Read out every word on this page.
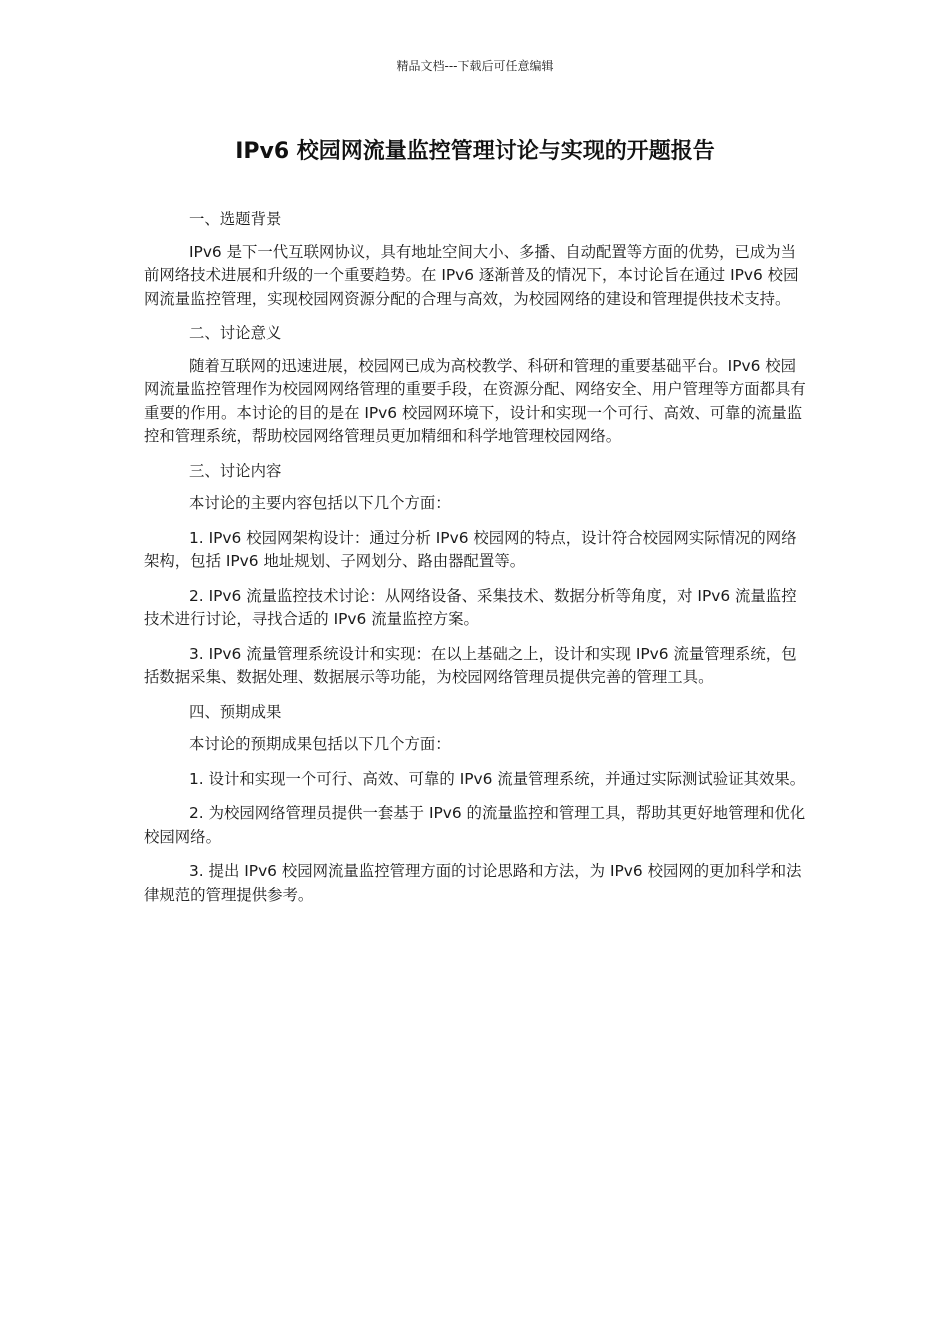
精品文档---下载后可任意编辑
IPv6 校园网流量监控管理讨论与实现的开题报告

一、选题背景

IPv6 是下一代互联网协议，具有地址空间大小、多播、自动配置等方面的优势，已成为当前网络技术进展和升级的一个重要趋势。在 IPv6 逐渐普及的情况下，本讨论旨在通过 IPv6 校园网流量监控管理，实现校园网资源分配的合理与高效，为校园网络的建设和管理提供技术支持。

二、讨论意义

随着互联网的迅速进展，校园网已成为高校教学、科研和管理的重要基础平台。IPv6 校园网流量监控管理作为校园网网络管理的重要手段，在资源分配、网络安全、用户管理等方面都具有重要的作用。本讨论的目的是在 IPv6 校园网环境下，设计和实现一个可行、高效、可靠的流量监控和管理系统，帮助校园网络管理员更加精细和科学地管理校园网络。

三、讨论内容

本讨论的主要内容包括以下几个方面：

1. IPv6 校园网架构设计：通过分析 IPv6 校园网的特点，设计符合校园网实际情况的网络架构，包括 IPv6 地址规划、子网划分、路由器配置等。

2. IPv6 流量监控技术讨论：从网络设备、采集技术、数据分析等角度，对 IPv6 流量监控技术进行讨论，寻找合适的 IPv6 流量监控方案。

3. IPv6 流量管理系统设计和实现：在以上基础之上，设计和实现 IPv6 流量管理系统，包括数据采集、数据处理、数据展示等功能，为校园网络管理员提供完善的管理工具。

四、预期成果

本讨论的预期成果包括以下几个方面：

1. 设计和实现一个可行、高效、可靠的 IPv6 流量管理系统，并通过实际测试验证其效果。

2. 为校园网络管理员提供一套基于 IPv6 的流量监控和管理工具，帮助其更好地管理和优化校园网络。

3. 提出 IPv6 校园网流量监控管理方面的讨论思路和方法，为 IPv6 校园网的更加科学和法律规范的管理提供参考。
